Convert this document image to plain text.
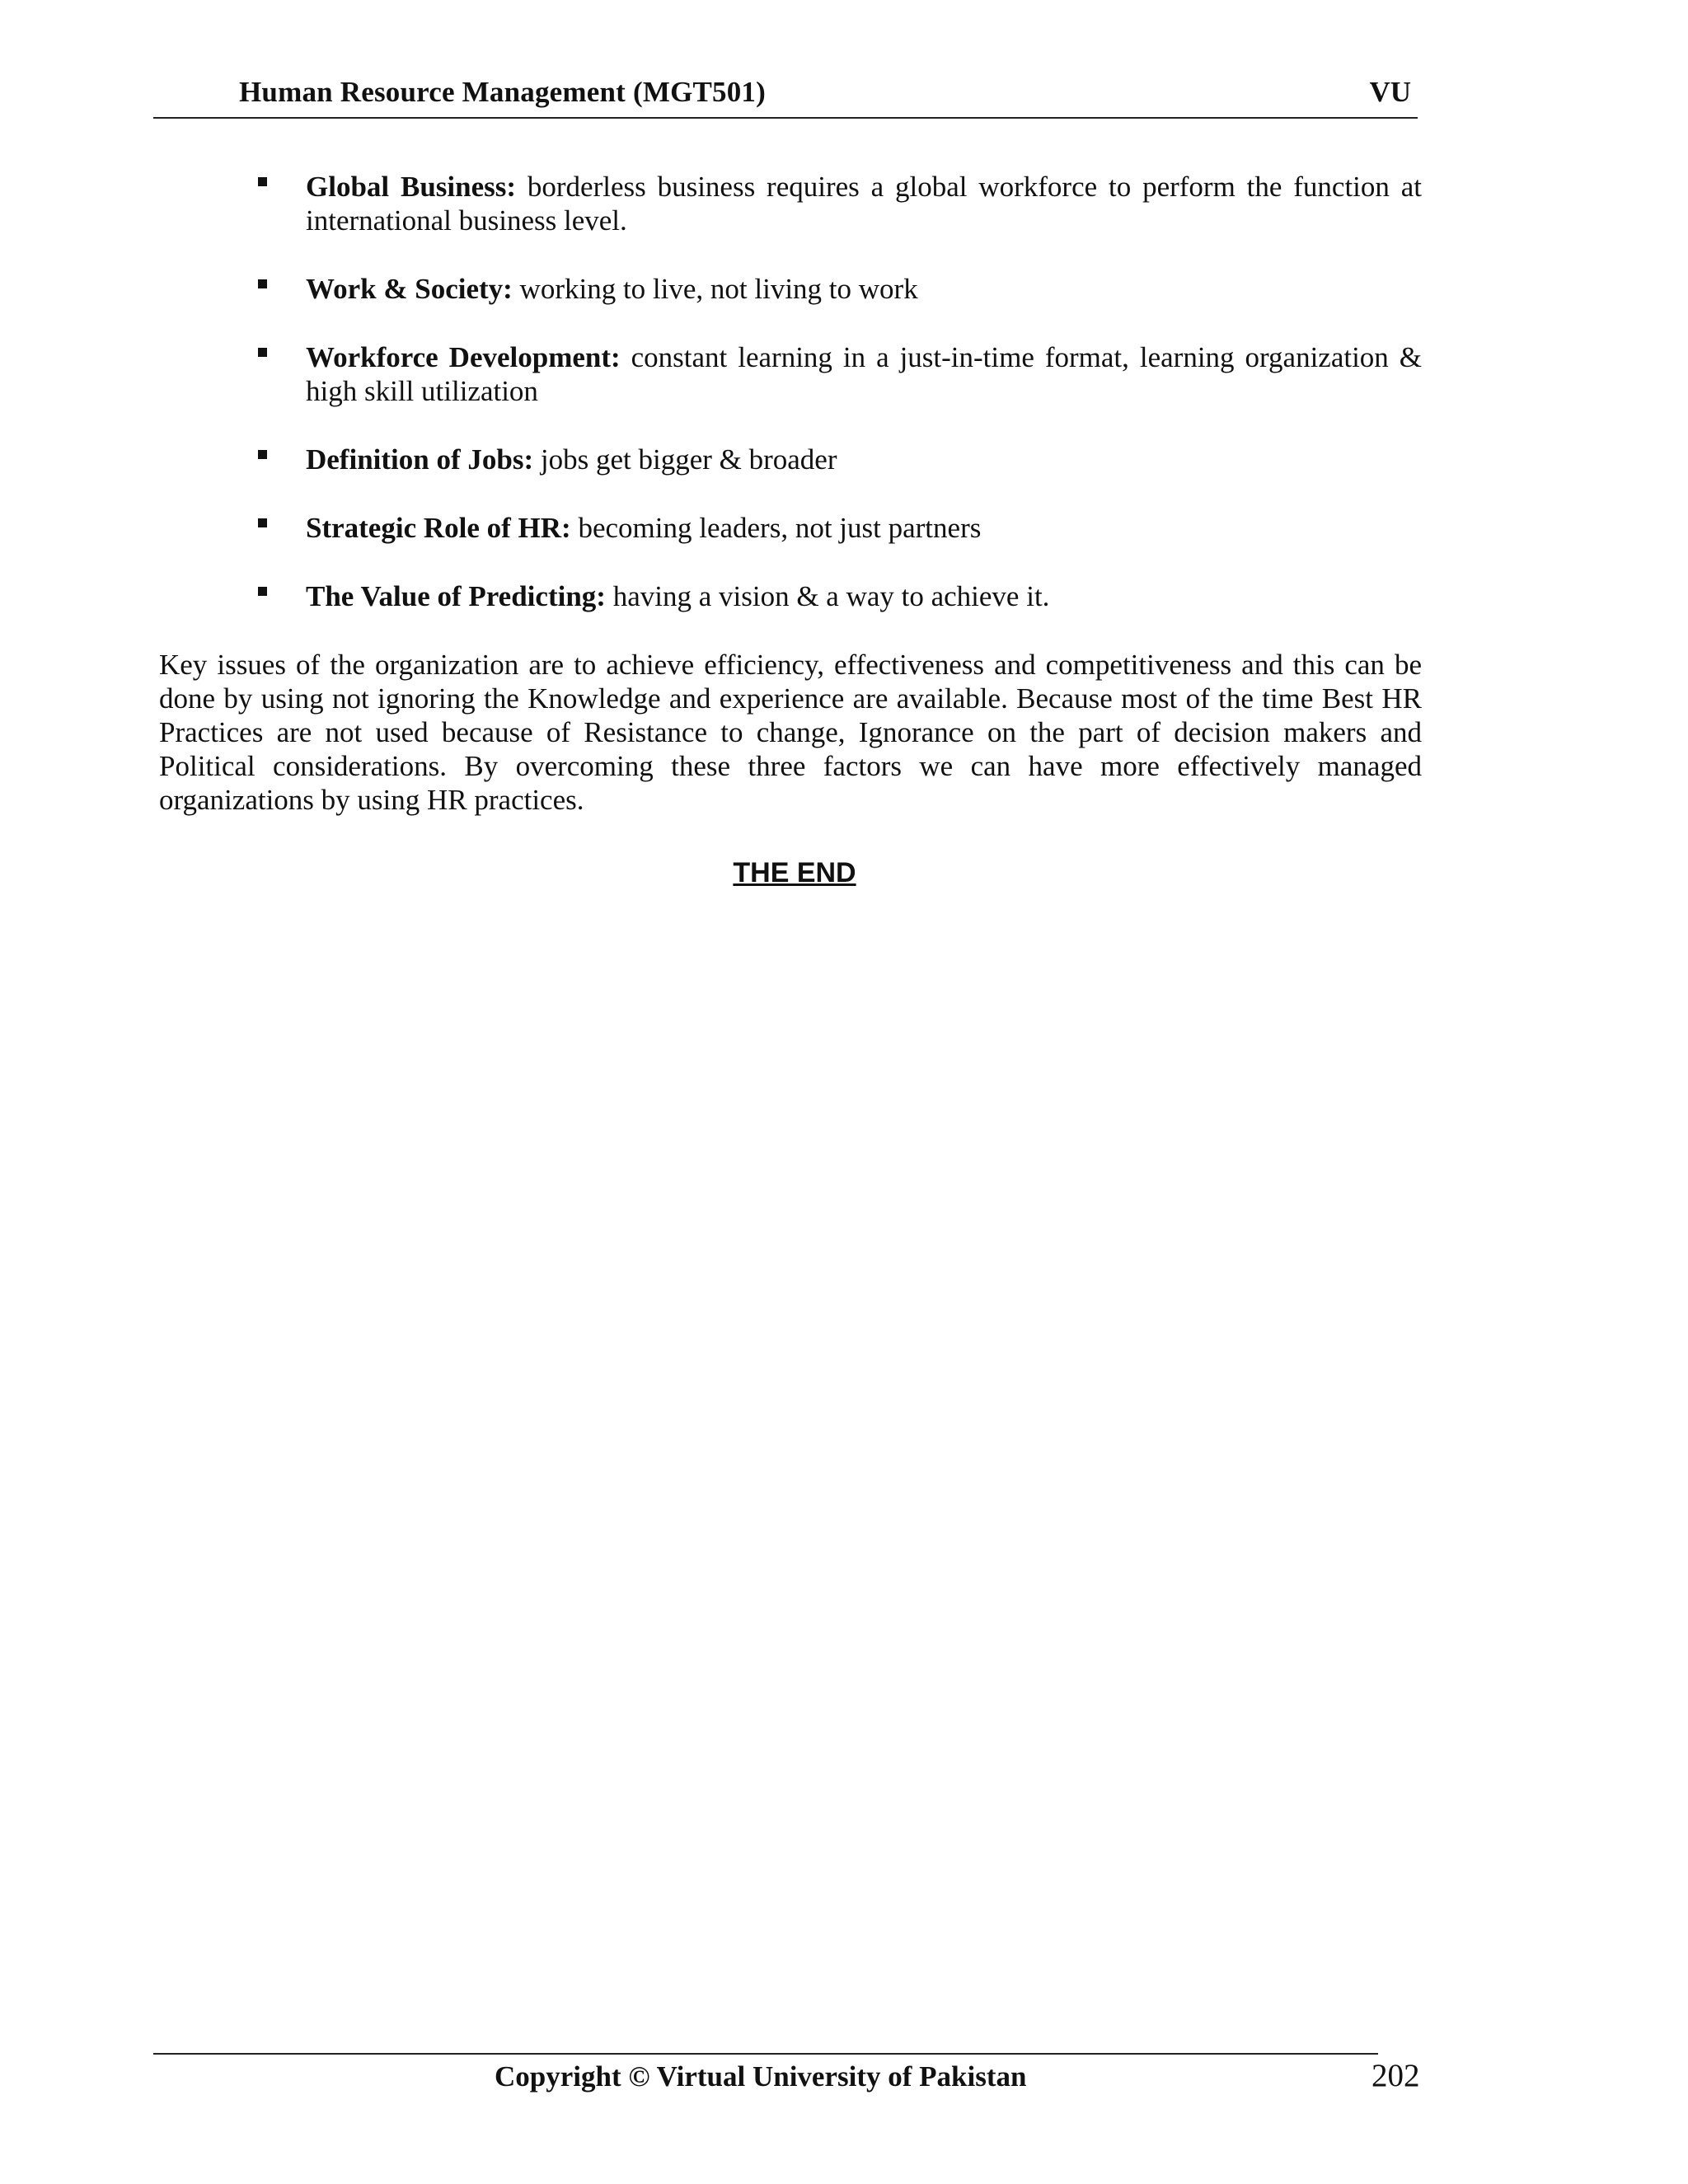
Human Resource Management (MGT501)	VU
Global Business: borderless business requires a global workforce to perform the function at international business level.
Work & Society: working to live, not living to work
Workforce Development: constant learning in a just-in-time format, learning organization & high skill utilization
Definition of Jobs: jobs get bigger & broader
Strategic Role of HR: becoming leaders, not just partners
The Value of Predicting: having a vision & a way to achieve it.

Key issues of the organization are to achieve efficiency, effectiveness and competitiveness and this can be done by using not ignoring the Knowledge and experience are available. Because most of the time Best HR Practices are not used because of Resistance to change, Ignorance on the part of decision makers and Political considerations. By overcoming these three factors we can have more effectively managed organizations by using HR practices.

THE END
Copyright © Virtual University of Pakistan	202
